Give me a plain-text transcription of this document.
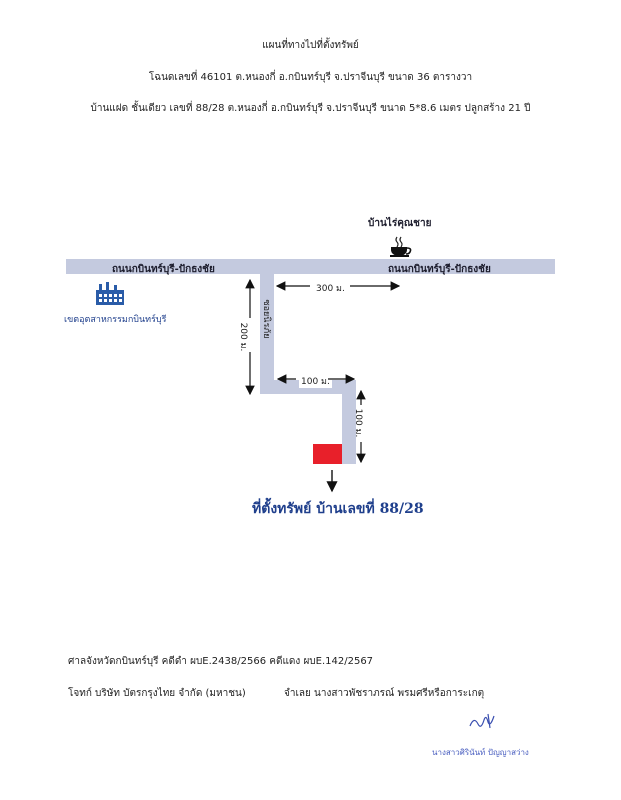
แผนที่ทางไปที่ตั้งทรัพย์
โฉนดเลขที่ 46101 ต.หนองกี่ อ.กบินทร์บุรี จ.ปราจีนบุรี ขนาด 36 ตารางวา
บ้านแฝด ชั้นเดียว เลขที่ 88/28 ต.หนองกี่ อ.กบินทร์บุรี จ.ปราจีนบุรี ขนาด 5*8.6 เมตร ปลูกสร้าง 21 ปี
ถนนกบินทร์บุรี-ปักธงชัย	ถนนกบินทร์บุรี-ปักธงชัย
ซอยนิรภัย
บ้านไร่คุณชาย
เขตอุตสาหกรรมกบินทร์บุรี
300 ม.
200 ม.
100 ม.
100 ม.
ที่ตั้งทรัพย์ บ้านเลขที่ 88/28
ศาลจังหวัดกบินทร์บุรี คดีดำ ผบE.2438/2566 คดีแดง ผบE.142/2567
โจทก์ บริษัท บัตรกรุงไทย จำกัด (มหาชน)	จำเลย นางสาวพัชราภรณ์ พรมศรีหรือการะเกตุ
นางสาวศิรินันท์ ปัญญาสว่าง
